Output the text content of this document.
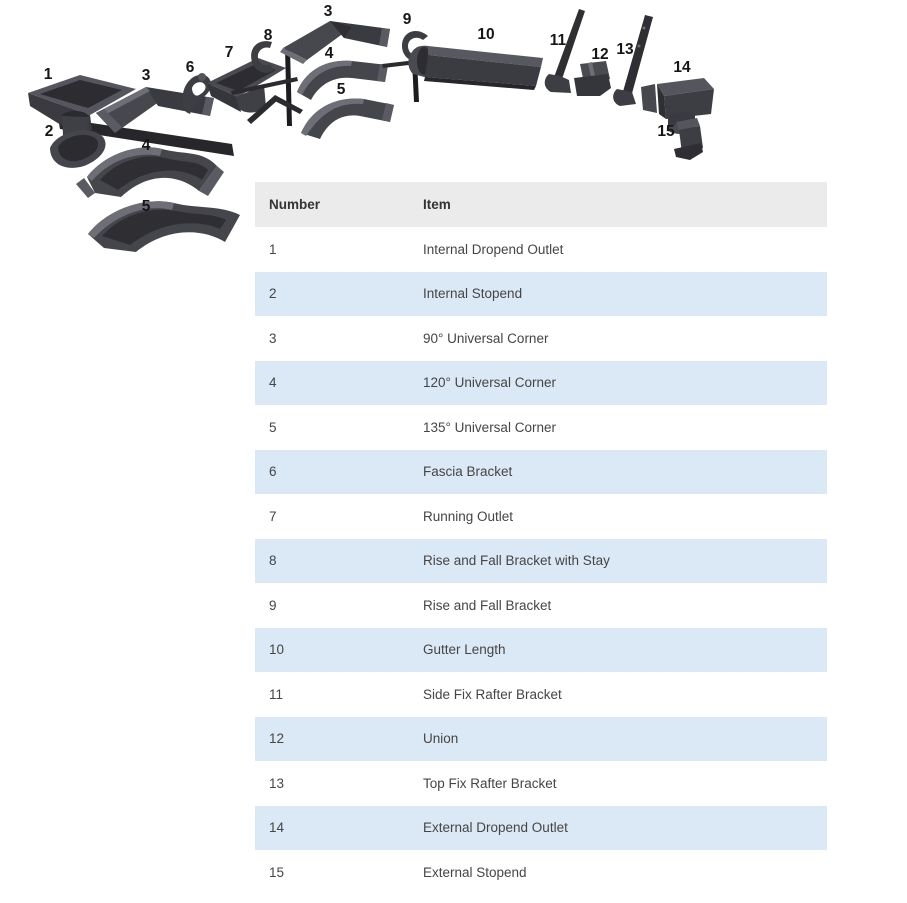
1
2
3
4
5
6
7
8
3
4
5
9
10	11
12 13
14
15
Number	Item
1	Internal Dropend Outlet
2	Internal Stopend
3	90° Universal Corner
4	120° Universal Corner
5	135° Universal Corner
6	Fascia Bracket
7	Running Outlet
8	Rise and Fall Bracket with Stay
9	Rise and Fall Bracket
10	Gutter Length
11	Side Fix Rafter Bracket
12	Union
13	Top Fix Rafter Bracket
14	External Dropend Outlet
15	External Stopend
